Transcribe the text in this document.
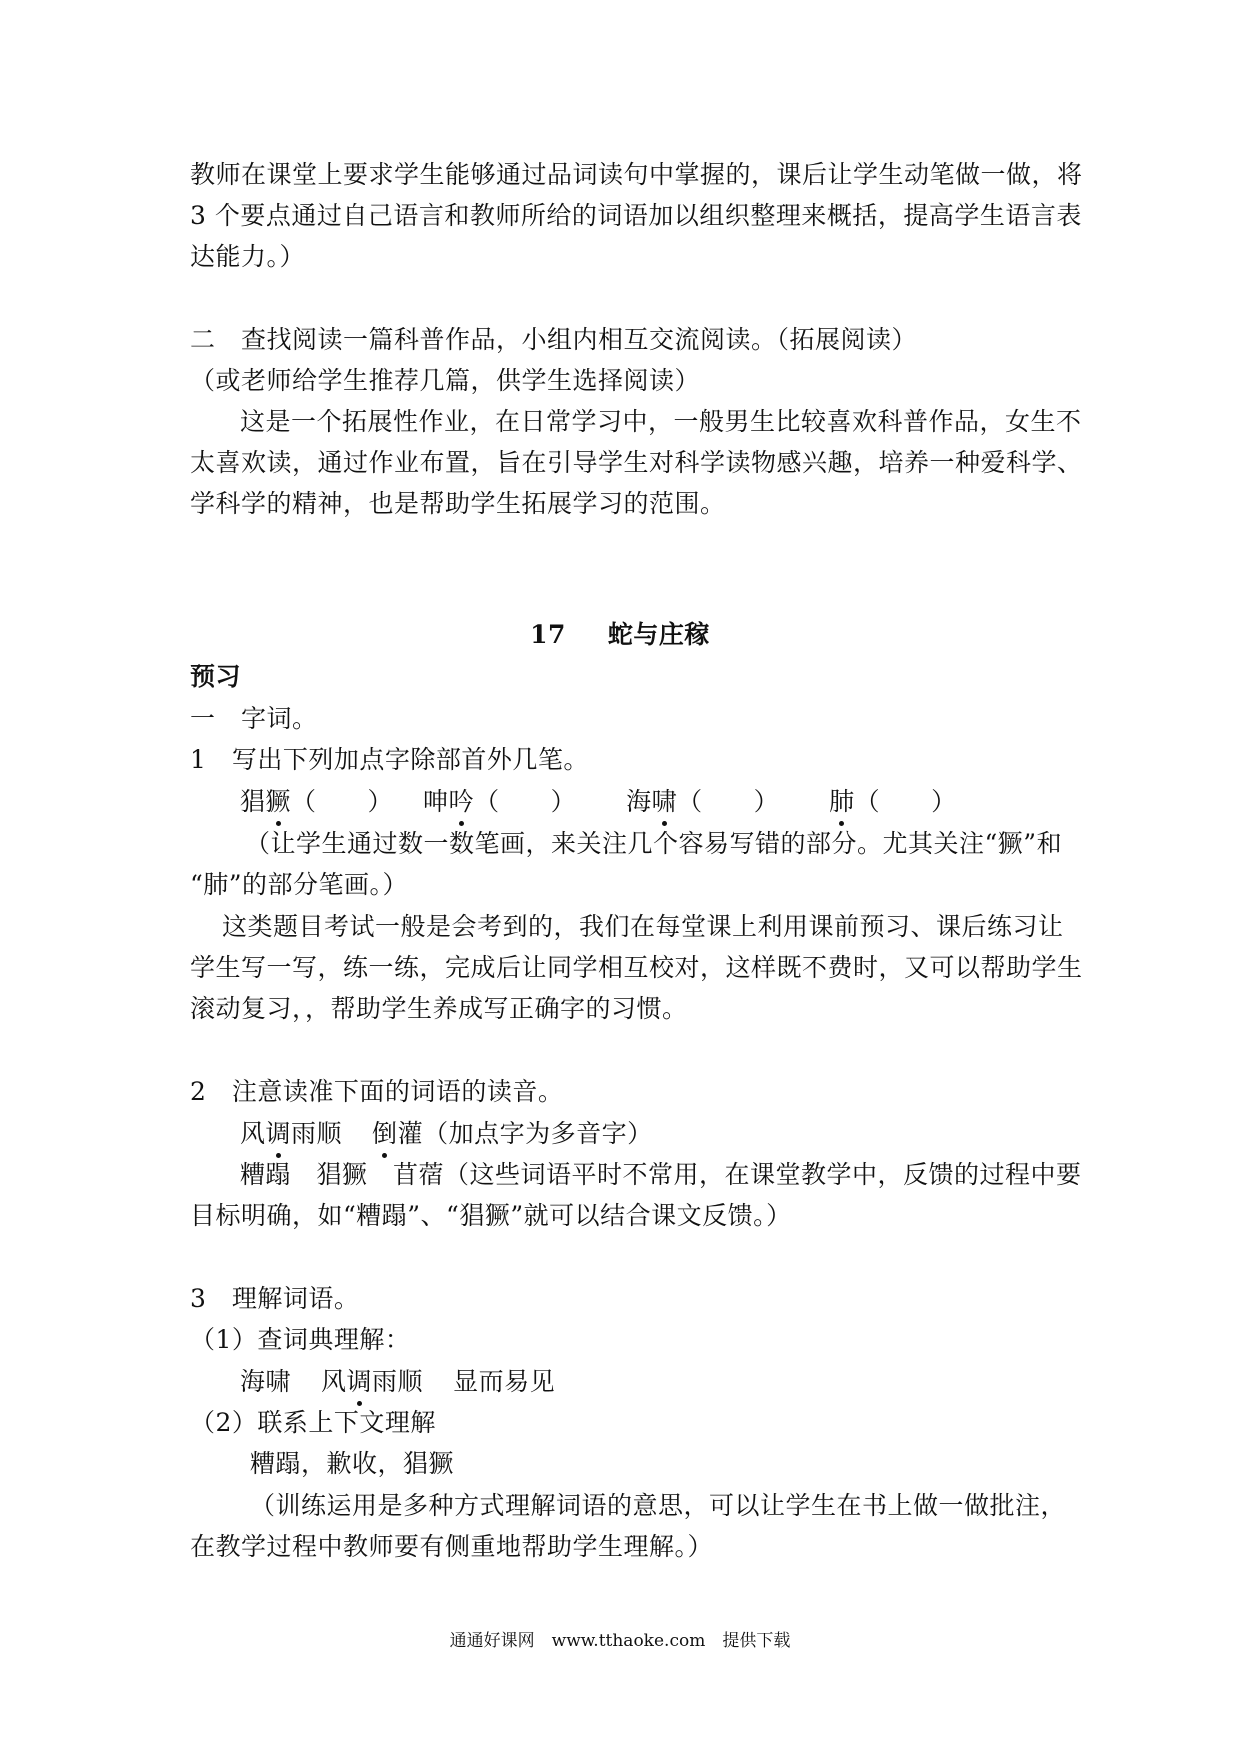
教师在课堂上要求学生能够通过品词读句中掌握的，课后让学生动笔做一做，将
3 个要点通过自己语言和教师所给的词语加以组织整理来概括，提高学生语言表
达能力。）
二　查找阅读一篇科普作品，小组内相互交流阅读。（拓展阅读）
（或老师给学生推荐几篇，供学生选择阅读）
这是一个拓展性作业，在日常学习中，一般男生比较喜欢科普作品，女生不
太喜欢读，通过作业布置，旨在引导学生对科学读物感兴趣，培养一种爱科学、
学科学的精神，也是帮助学生拓展学习的范围。
17 蛇与庄稼
预习
一　字词。
1　写出下列加点字除部首外几笔。
猖獗（　　） 呻吟（　　） 海啸（　　） 肺（　　）
（让学生通过数一数笔画，来关注几个容易写错的部分。尤其关注“獗”和
“肺”的部分笔画。）
这类题目考试一般是会考到的，我们在每堂课上利用课前预习、课后练习让
学生写一写，练一练，完成后让同学相互校对，这样既不费时，又可以帮助学生
滚动复习，，帮助学生养成写正确字的习惯。
2　注意读准下面的词语的读音。
风调雨顺 倒灌（加点字为多音字）
糟蹋　猖獗　苜蓿（这些词语平时不常用，在课堂教学中，反馈的过程中要
目标明确，如“糟蹋”、“猖獗”就可以结合课文反馈。）
3　理解词语。
（1）查词典理解：
海啸 风调雨顺 显而易见
（2）联系上下文理解
糟蹋，歉收，猖獗
（训练运用是多种方式理解词语的意思，可以让学生在书上做一做批注，
在教学过程中教师要有侧重地帮助学生理解。）
通通好课网　www.tthaoke.com　提供下载
